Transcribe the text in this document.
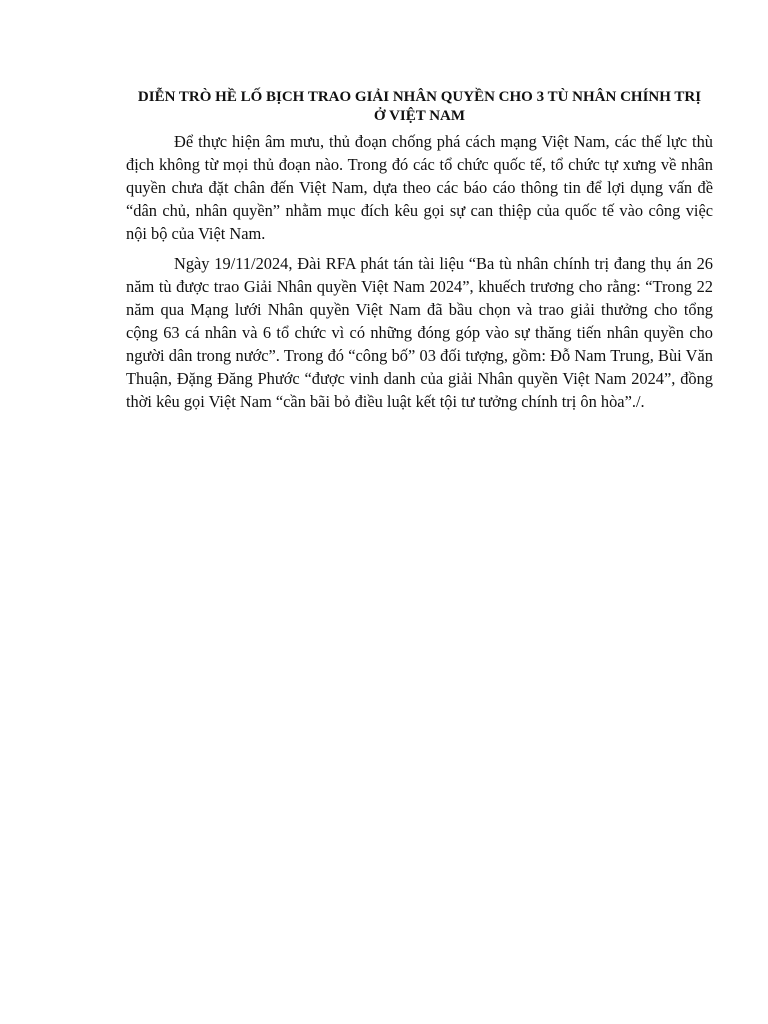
DIỄN TRÒ HỀ LỐ BỊCH TRAO GIẢI NHÂN QUYỀN CHO 3 TÙ NHÂN CHÍNH TRỊ Ở VIỆT NAM

Để thực hiện âm mưu, thủ đoạn chống phá cách mạng Việt Nam, các thế lực thù địch không từ mọi thủ đoạn nào. Trong đó các tổ chức quốc tế, tổ chức tự xưng về nhân quyền chưa đặt chân đến Việt Nam, dựa theo các báo cáo thông tin để lợi dụng vấn đề “dân chủ, nhân quyền” nhằm mục đích kêu gọi sự can thiệp của quốc tế vào công việc nội bộ của Việt Nam.

Ngày 19/11/2024, Đài RFA phát tán tài liệu “Ba tù nhân chính trị đang thụ án 26 năm tù được trao Giải Nhân quyền Việt Nam 2024”, khuếch trương cho rằng: “Trong 22 năm qua Mạng lưới Nhân quyền Việt Nam đã bầu chọn và trao giải thưởng cho tổng cộng 63 cá nhân và 6 tổ chức vì có những đóng góp vào sự thăng tiến nhân quyền cho người dân trong nước”. Trong đó “công bố” 03 đối tượng, gồm: Đỗ Nam Trung, Bùi Văn Thuận, Đặng Đăng Phước “được vinh danh của giải Nhân quyền Việt Nam 2024”, đồng thời kêu gọi Việt Nam “cần bãi bỏ điều luật kết tội tư tưởng chính trị ôn hòa”./.
